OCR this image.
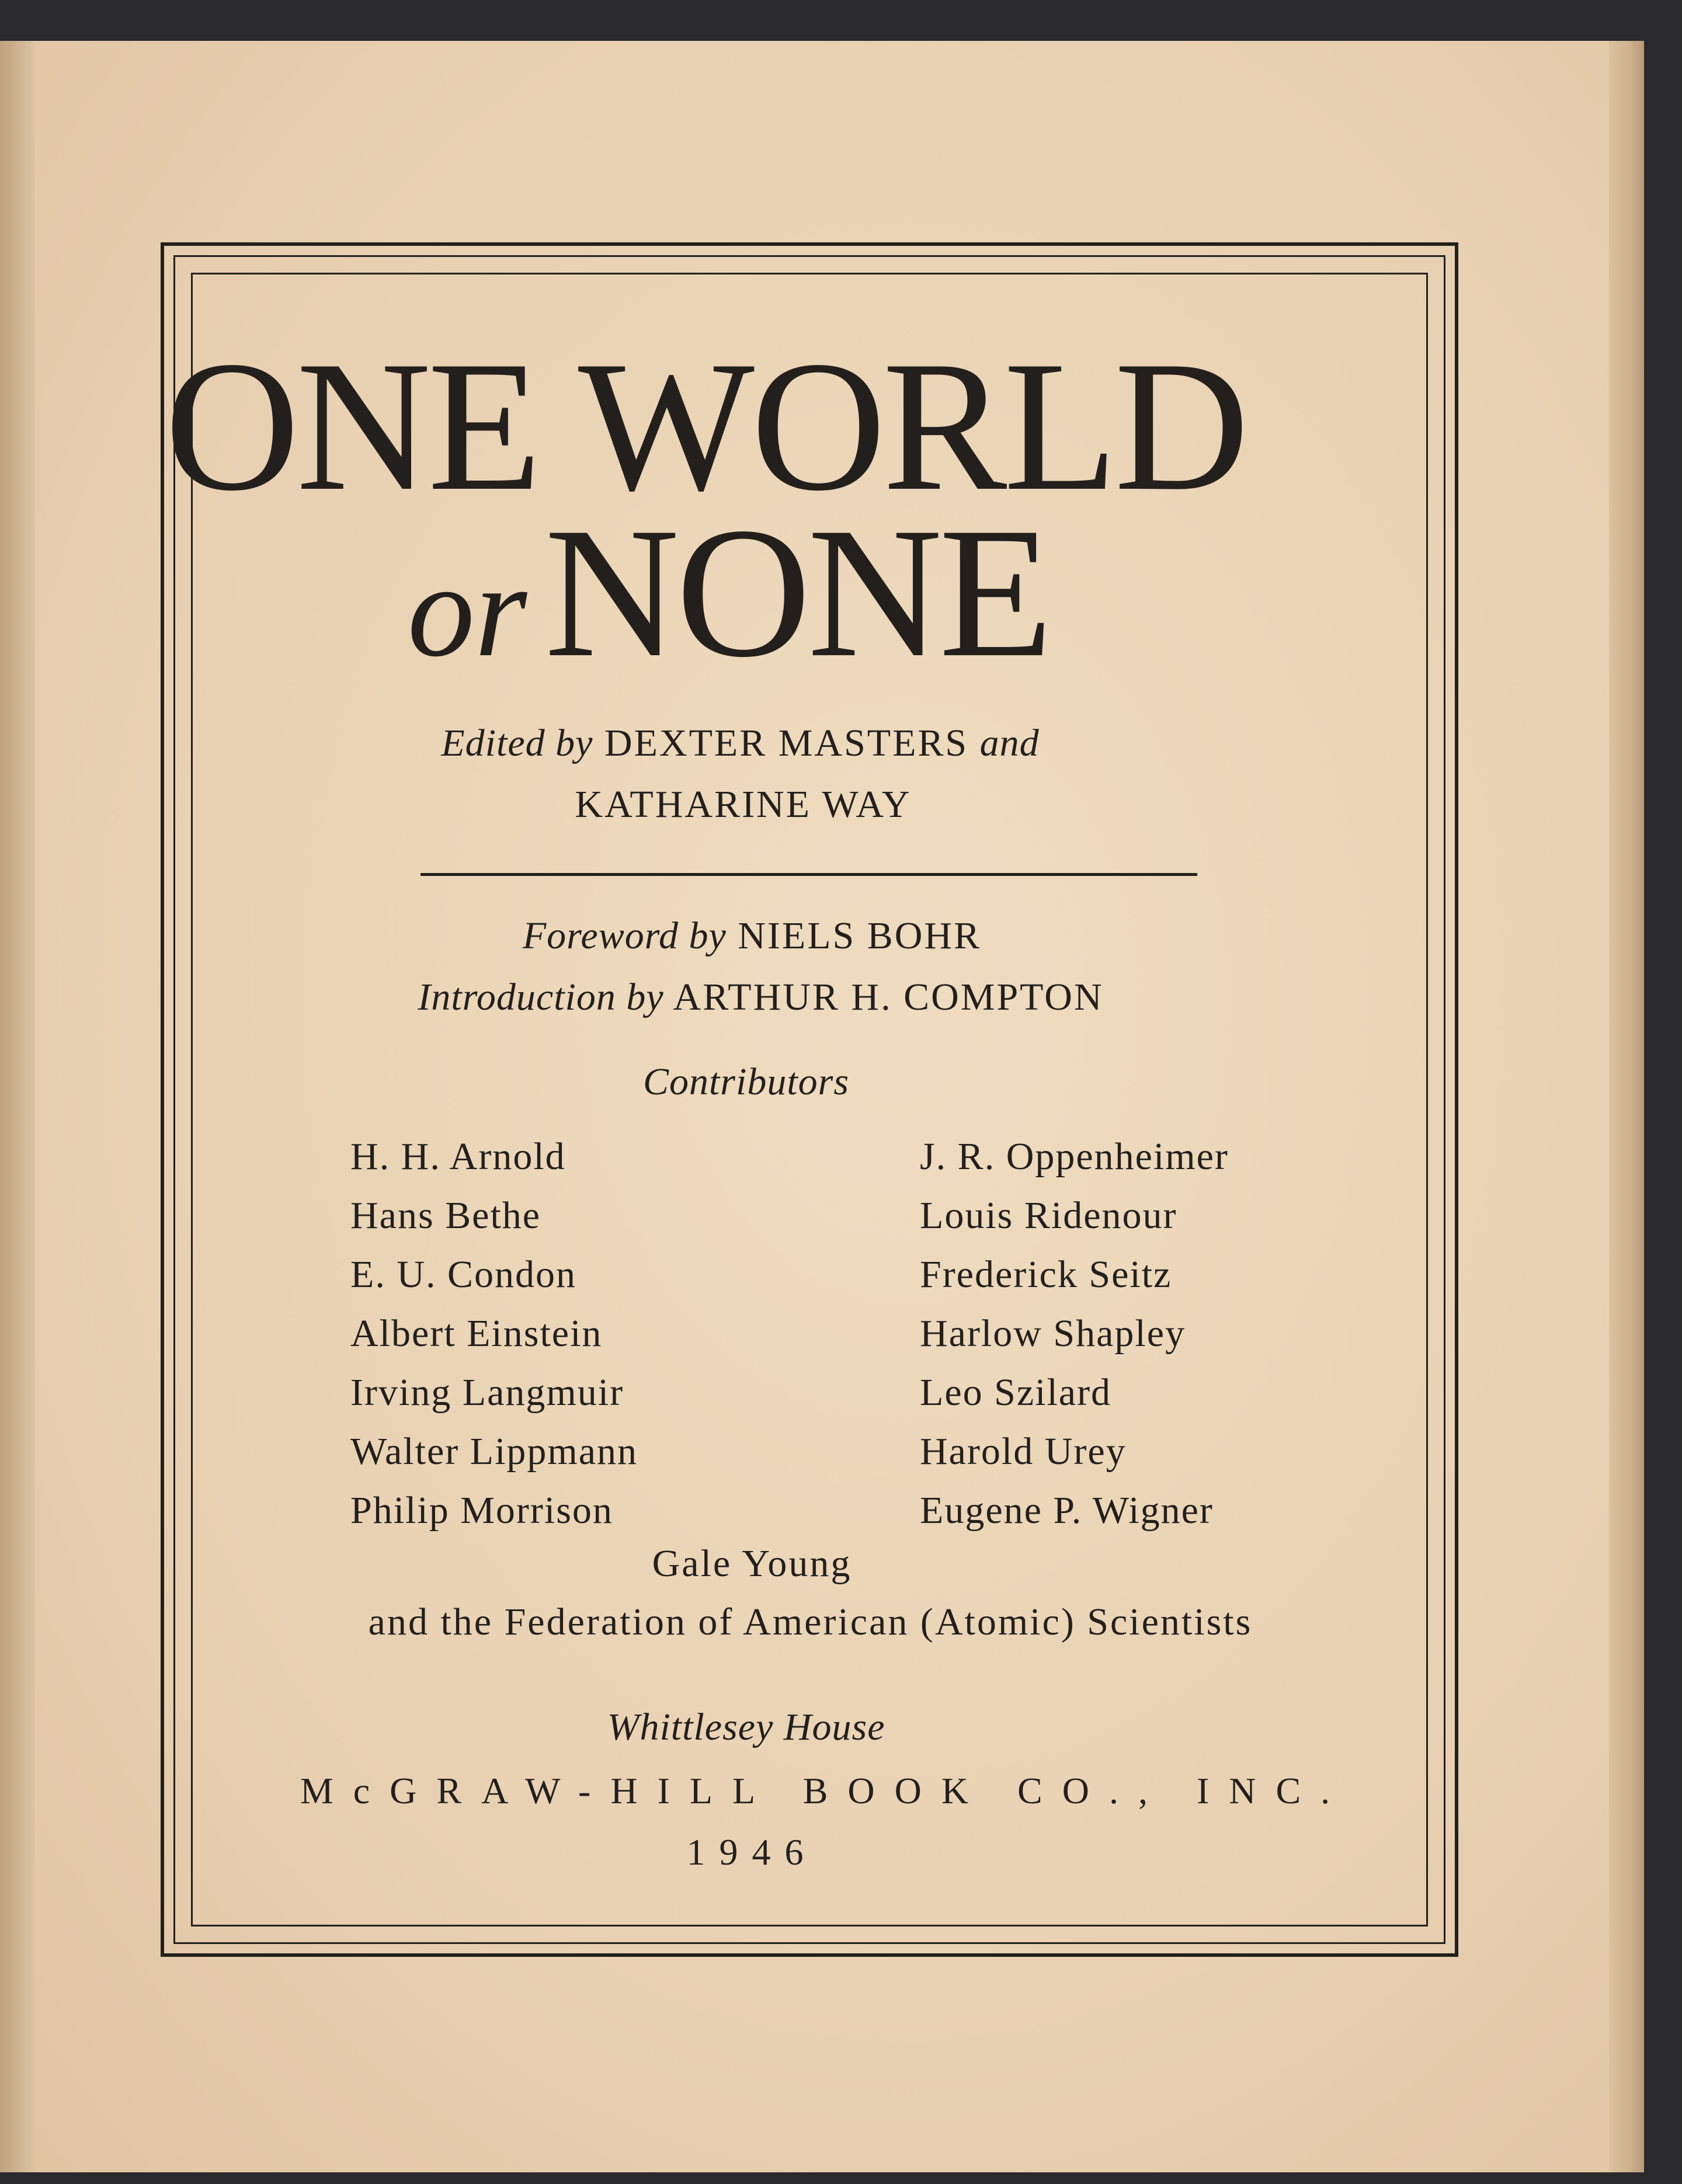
ONE WORLD
orNONE

Edited by DEXTER MASTERS and

KATHARINE WAY

Foreword by NIELS BOHR

Introduction by ARTHUR H. COMPTON

Contributors

H. H. Arnold
Hans Bethe
E. U. Condon
Albert Einstein
Irving Langmuir
Walter Lippmann
Philip Morrison
J. R. Oppenheimer
Louis Ridenour
Frederick Seitz
Harlow Shapley
Leo Szilard
Harold Urey
Eugene P. Wigner

Gale Young

and the Federation of American (Atomic) Scientists

Whittlesey House

McGRAW-HILL BOOK CO., INC.

1946
